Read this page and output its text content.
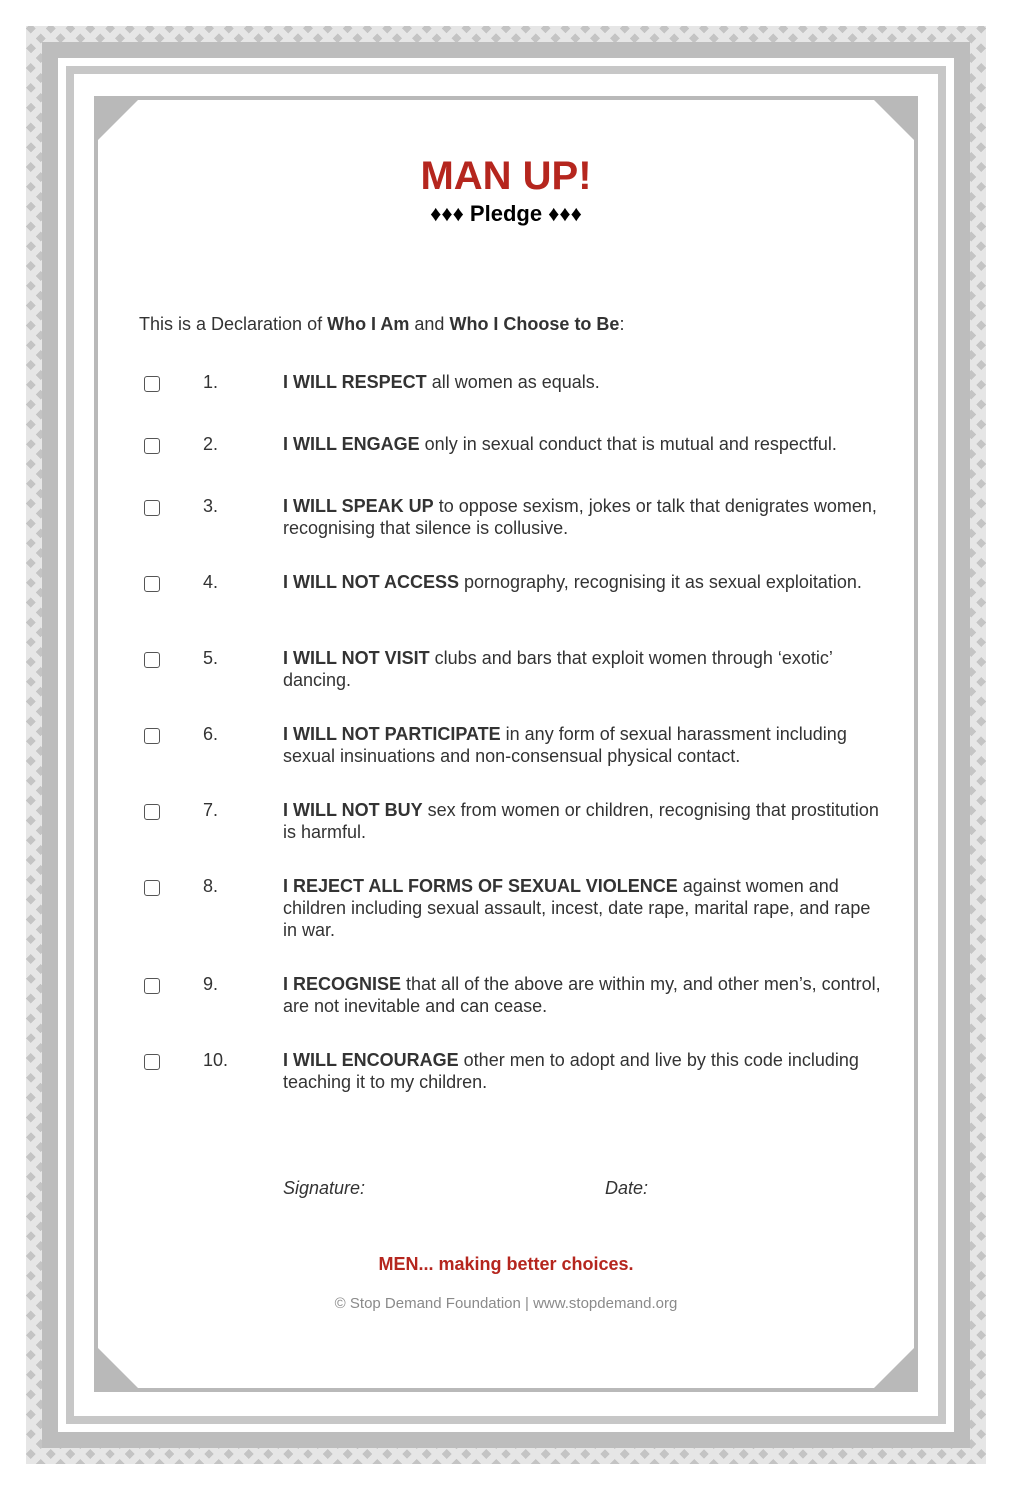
MAN UP!
♦♦♦ Pledge ♦♦♦
This is a Declaration of Who I Am and Who I Choose to Be:
1.	I WILL RESPECT all women as equals.
2.	I WILL ENGAGE only in sexual conduct that is mutual and respectful.
3.	I WILL SPEAK UP to oppose sexism, jokes or talk that denigrates women, recognising that silence is collusive.
4.	I WILL NOT ACCESS pornography, recognising it as sexual exploitation.
5.	I WILL NOT VISIT clubs and bars that exploit women through ‘exotic’ dancing.
6.	I WILL NOT PARTICIPATE in any form of sexual harassment including sexual insinuations and non-consensual physical contact.
7.	I WILL NOT BUY sex from women or children, recognising that prostitution is harmful.
8.	I REJECT ALL FORMS OF SEXUAL VIOLENCE against women and children including sexual assault, incest, date rape, marital rape, and rape in war.
9.	I RECOGNISE that all of the above are within my, and other men’s, control, are not inevitable and can cease.
10.	I WILL ENCOURAGE other men to adopt and live by this code including teaching it to my children.
Signature:	Date:
MEN... making better choices.
© Stop Demand Foundation | www.stopdemand.org
